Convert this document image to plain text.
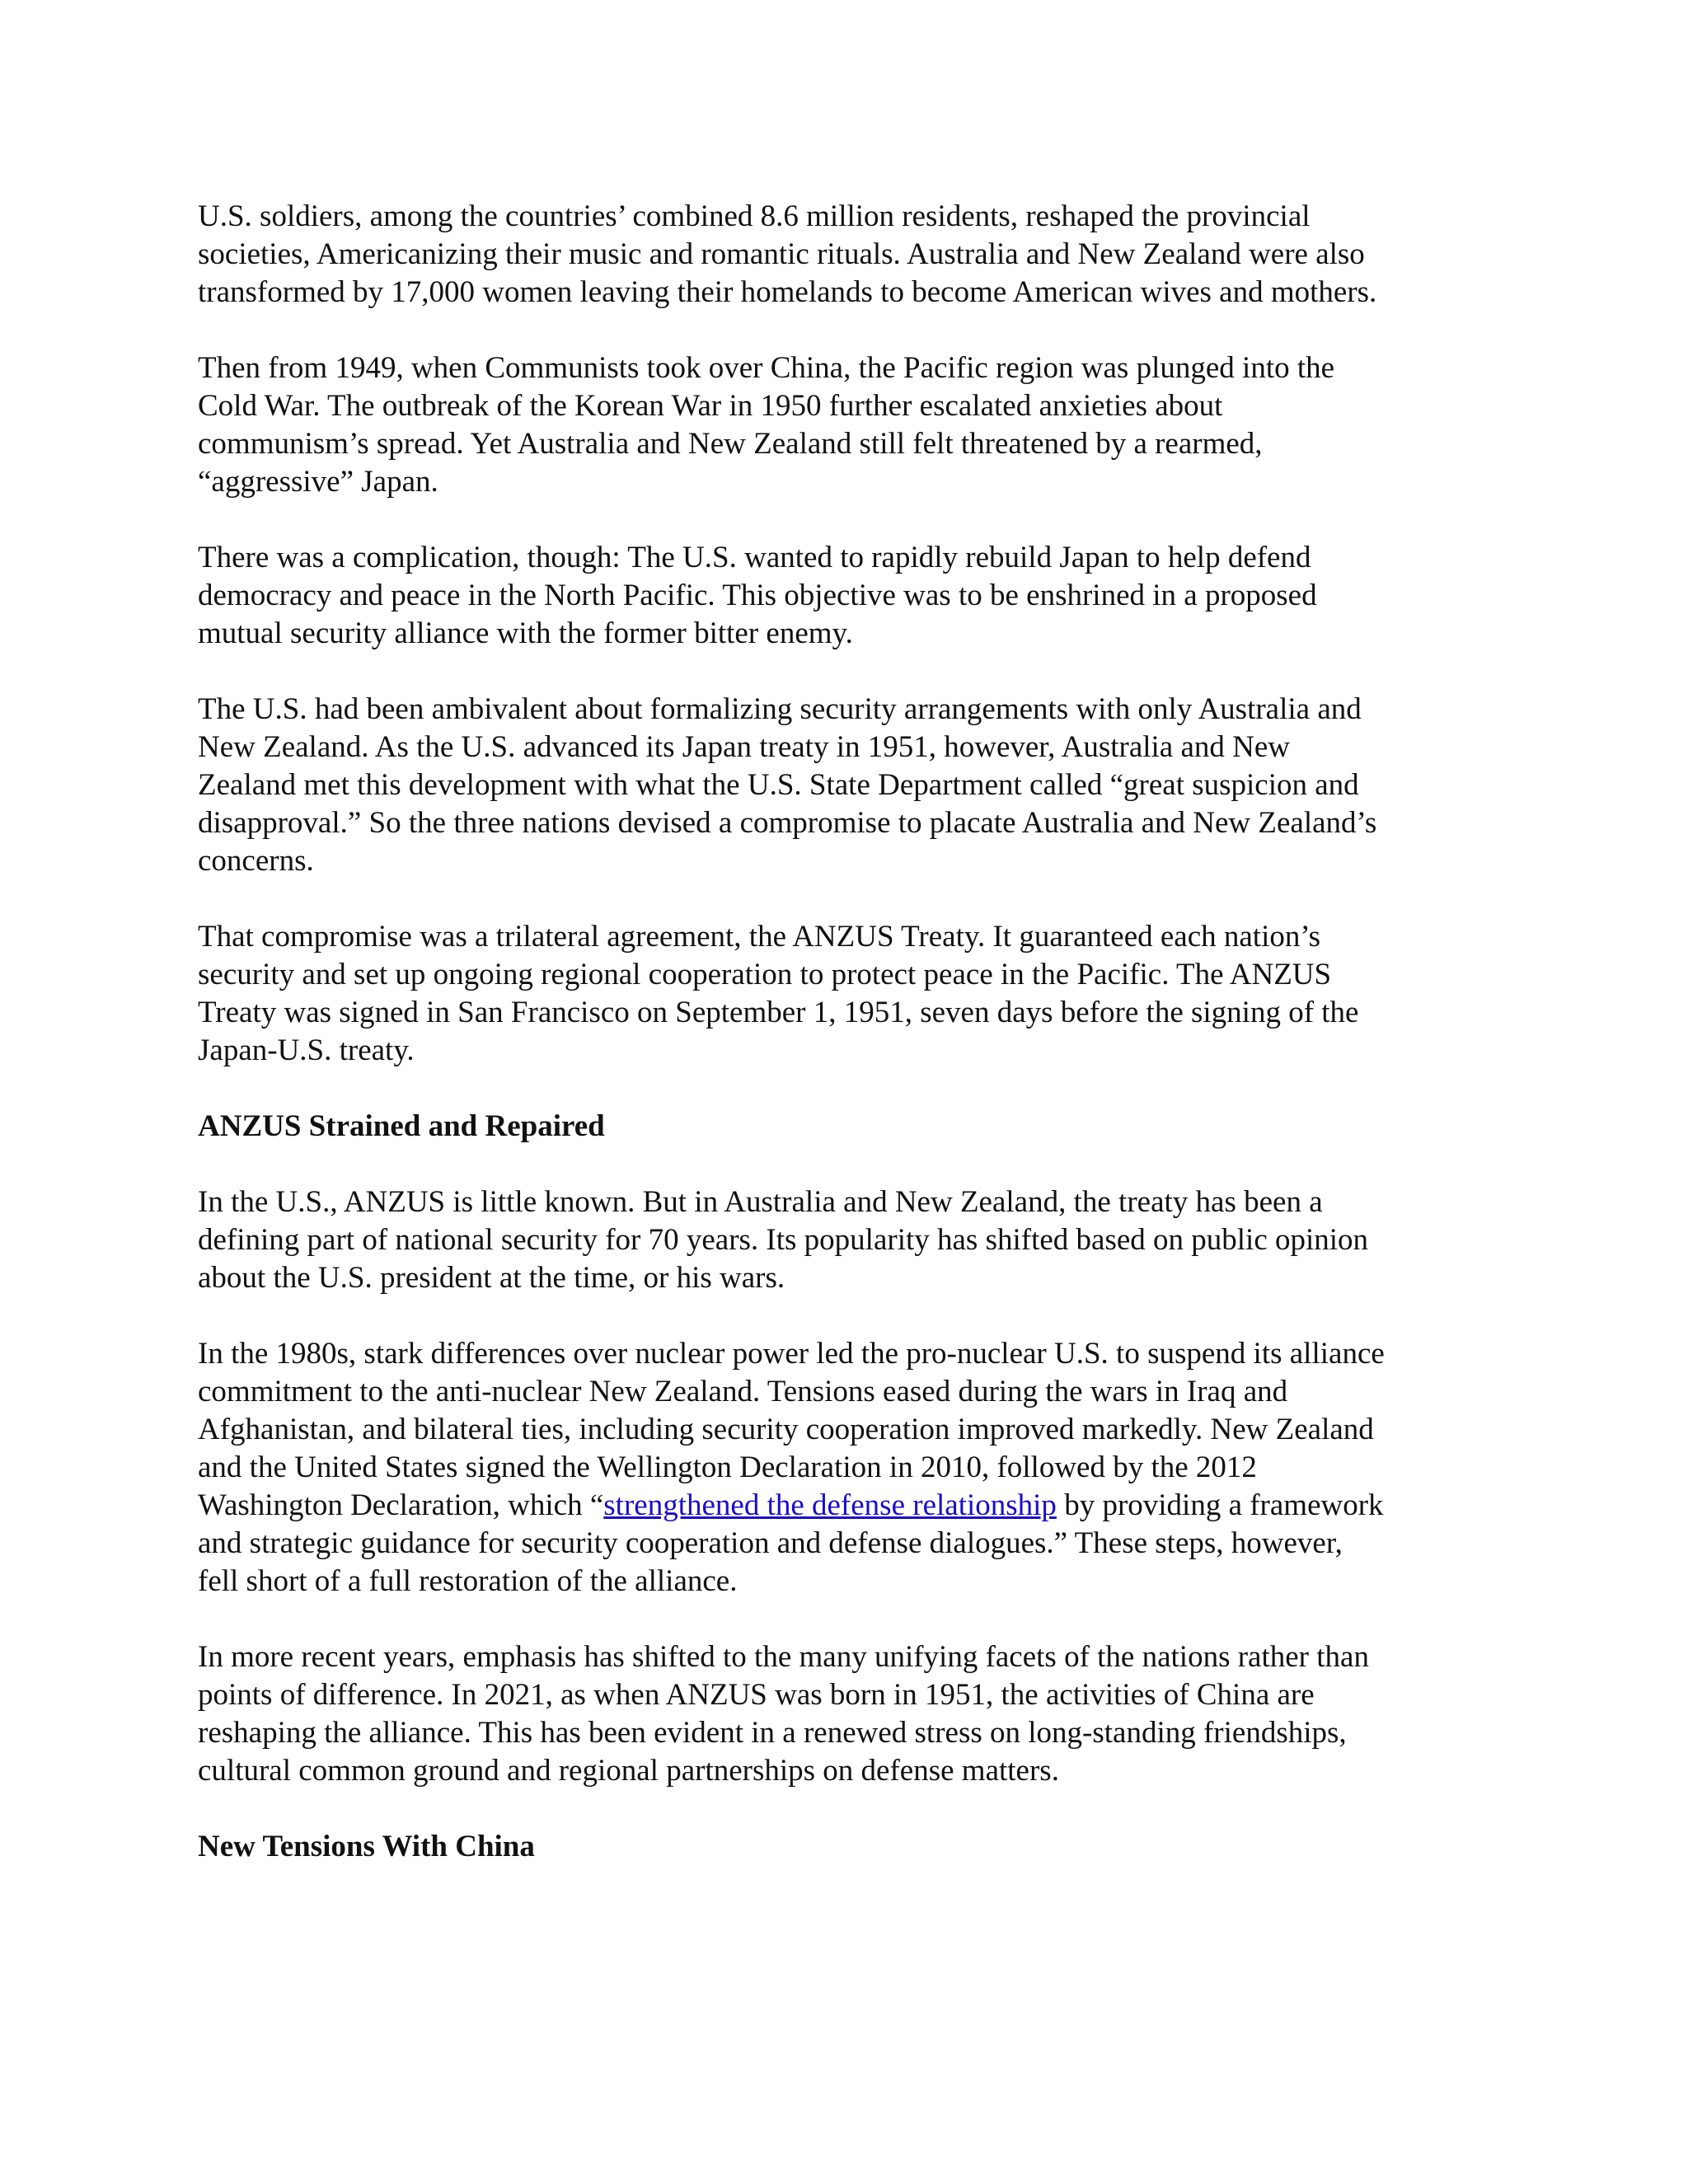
U.S. soldiers, among the countries’ combined 8.6 million residents, reshaped the provincial
societies, Americanizing their music and romantic rituals. Australia and New Zealand were also
transformed by 17,000 women leaving their homelands to become American wives and mothers.
Then from 1949, when Communists took over China, the Pacific region was plunged into the
Cold War. The outbreak of the Korean War in 1950 further escalated anxieties about
communism’s spread. Yet Australia and New Zealand still felt threatened by a rearmed,
“aggressive” Japan.
There was a complication, though: The U.S. wanted to rapidly rebuild Japan to help defend
democracy and peace in the North Pacific. This objective was to be enshrined in a proposed
mutual security alliance with the former bitter enemy.
The U.S. had been ambivalent about formalizing security arrangements with only Australia and
New Zealand. As the U.S. advanced its Japan treaty in 1951, however, Australia and New
Zealand met this development with what the U.S. State Department called “great suspicion and
disapproval.” So the three nations devised a compromise to placate Australia and New Zealand’s
concerns.
That compromise was a trilateral agreement, the ANZUS Treaty. It guaranteed each nation’s
security and set up ongoing regional cooperation to protect peace in the Pacific. The ANZUS
Treaty was signed in San Francisco on September 1, 1951, seven days before the signing of the
Japan-U.S. treaty.
ANZUS Strained and Repaired
In the U.S., ANZUS is little known. But in Australia and New Zealand, the treaty has been a
defining part of national security for 70 years. Its popularity has shifted based on public opinion
about the U.S. president at the time, or his wars.
In the 1980s, stark differences over nuclear power led the pro-nuclear U.S. to suspend its alliance
commitment to the anti-nuclear New Zealand. Tensions eased during the wars in Iraq and
Afghanistan, and bilateral ties, including security cooperation improved markedly. New Zealand
and the United States signed the Wellington Declaration in 2010, followed by the 2012
Washington Declaration, which “strengthened the defense relationship by providing a framework
and strategic guidance for security cooperation and defense dialogues.” These steps, however,
fell short of a full restoration of the alliance.
In more recent years, emphasis has shifted to the many unifying facets of the nations rather than
points of difference. In 2021, as when ANZUS was born in 1951, the activities of China are
reshaping the alliance. This has been evident in a renewed stress on long-standing friendships,
cultural common ground and regional partnerships on defense matters.
New Tensions With China
